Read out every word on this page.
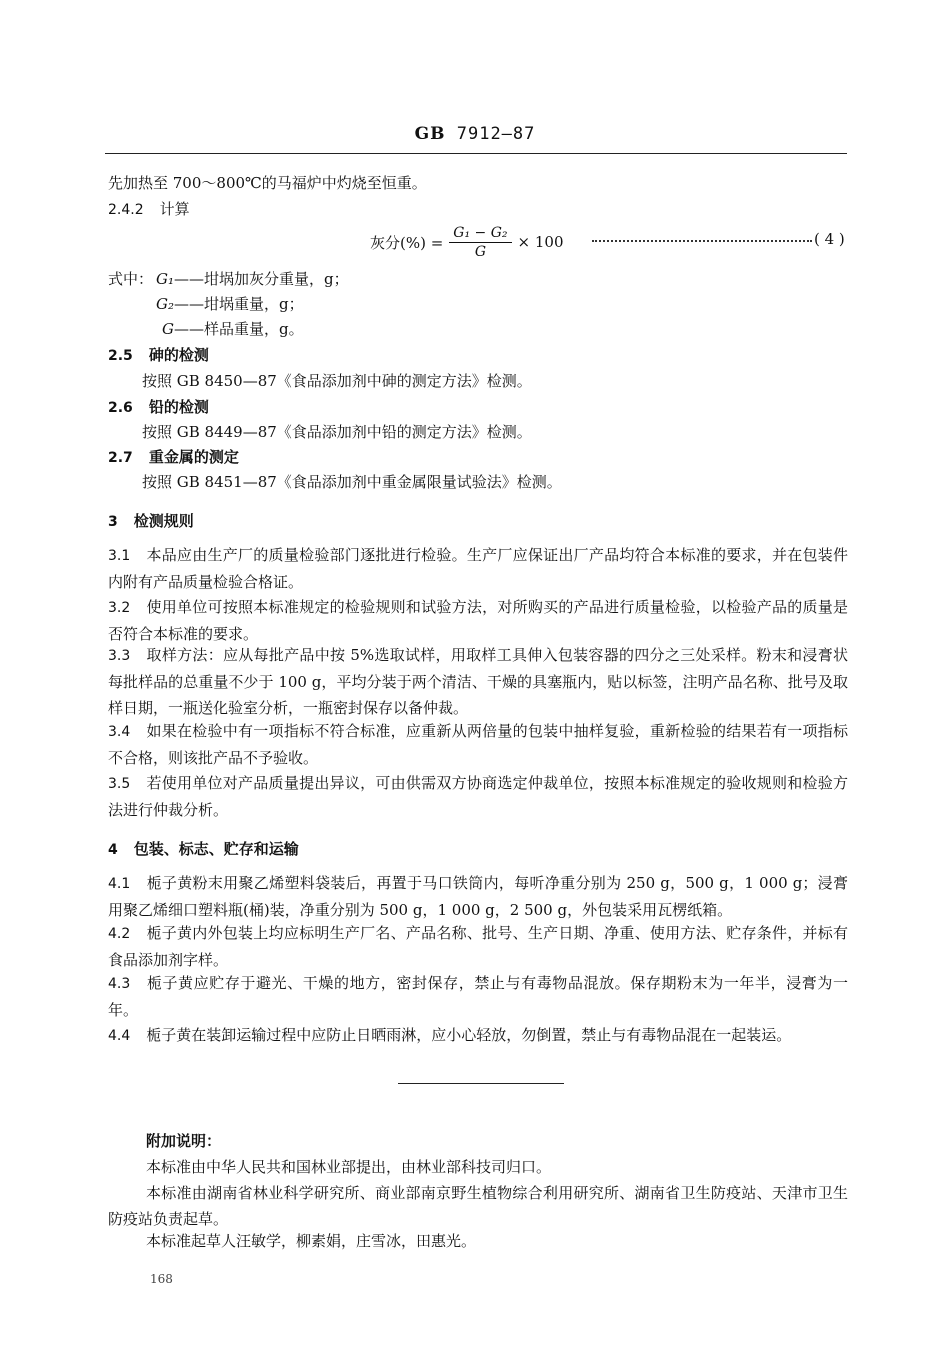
GB 7912—87
先加热至 700～800℃的马福炉中灼烧至恒重。
2.4.2 计算
灰分(%) = $\frac{\text{G₁ − G₂}}{G} \times 100$	( 4 )
式中： G₁——坩埚加灰分重量，g；
G₂——坩埚重量，g；
G——样品重量，g。
2.5 砷的检测
按照 GB 8450—87《食品添加剂中砷的测定方法》检测。
2.6 铅的检测
按照 GB 8449—87《食品添加剂中铅的测定方法》检测。
2.7 重金属的测定
按照 GB 8451—87《食品添加剂中重金属限量试验法》检测。
3 检测规则
3.1 本品应由生产厂的质量检验部门逐批进行检验。生产厂应保证出厂产品均符合本标准的要求，并在包装件内附有产品质量检验合格证。
3.2 使用单位可按照本标准规定的检验规则和试验方法，对所购买的产品进行质量检验，以检验产品的质量是否符合本标准的要求。
3.3 取样方法：应从每批产品中按 5%选取试样，用取样工具伸入包装容器的四分之三处采样。粉末和浸膏状每批样品的总重量不少于 100 g，平均分装于两个清洁、干燥的具塞瓶内，贴以标签，注明产品名称、批号及取样日期，一瓶送化验室分析，一瓶密封保存以备仲裁。
3.4 如果在检验中有一项指标不符合标准，应重新从两倍量的包装中抽样复验，重新检验的结果若有一项指标不合格，则该批产品不予验收。
3.5 若使用单位对产品质量提出异议，可由供需双方协商选定仲裁单位，按照本标准规定的验收规则和检验方法进行仲裁分析。
4 包装、标志、贮存和运输
4.1 栀子黄粉末用聚乙烯塑料袋装后，再置于马口铁筒内，每听净重分别为 250 g，500 g，1 000 g；浸膏用聚乙烯细口塑料瓶(桶)装，净重分别为 500 g，1 000 g，2 500 g，外包装采用瓦楞纸箱。
4.2 栀子黄内外包装上均应标明生产厂名、产品名称、批号、生产日期、净重、使用方法、贮存条件，并标有食品添加剂字样。
4.3 栀子黄应贮存于避光、干燥的地方，密封保存，禁止与有毒物品混放。保存期粉末为一年半，浸膏为一年。
4.4 栀子黄在装卸运输过程中应防止日晒雨淋，应小心轻放，勿倒置，禁止与有毒物品混在一起装运。
附加说明：
本标准由中华人民共和国林业部提出，由林业部科技司归口。
本标准由湖南省林业科学研究所、商业部南京野生植物综合利用研究所、湖南省卫生防疫站、天津市卫生防疫站负责起草。
本标准起草人汪敏学，柳素娟，庄雪冰，田惠光。
168
